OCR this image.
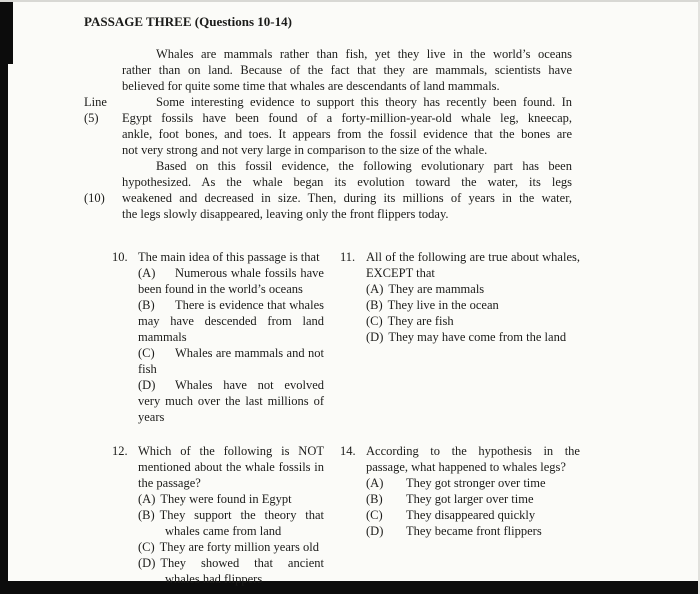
PASSAGE THREE (Questions 10-14)
Whales are mammals rather than fish, yet they live in the world’s oceans
rather than on land. Because of the fact that they are mammals, scientists have
believed for quite some time that whales are descendants of land mammals.
Line	Some interesting evidence to support this theory has recently been found. In
(5)	Egypt fossils have been found of a forty-million-year-old whale leg, kneecap,
ankle, foot bones, and toes. It appears from the fossil evidence that the bones are
not very strong and not very large in comparison to the size of the whale.
Based on this fossil evidence, the following evolutionary part has been
hypothesized. As the whale began its evolution toward the water, its legs
(10)	weakened and decreased in size. Then, during its millions of years in the water,
the legs slowly disappeared, leaving only the front flippers today.
10. The main idea of this passage is that
(A) Numerous whale fossils have been found in the world’s oceans
(B) There is evidence that whales may have descended from land mammals
(C) Whales are mammals and not fish
(D) Whales have not evolved very much over the last millions of years
11. All of the following are true about whales, EXCEPT that
(A) They are mammals
(B) They live in the ocean
(C) They are fish
(D) They may have come from the land
12. Which of the following is NOT mentioned about the whale fossils in the passage?
(A) They were found in Egypt
(B) They support the theory that whales came from land
(C) They are forty million years old
(D) They showed that ancient whales had flippers
14. According to the hypothesis in the passage, what happened to whales legs?
(A) They got stronger over time
(B) They got larger over time
(C) They disappeared quickly
(D) They became front flippers
